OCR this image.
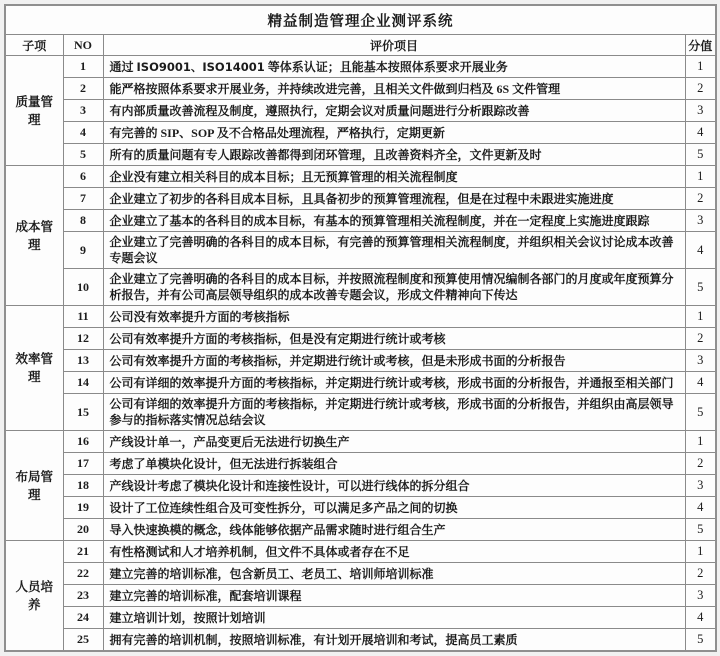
精益制造管理企业测评系统			
子项	NO	评价项目	分值
质量管理	1	通过 ISO9001、ISO14001 等体系认证；且能基本按照体系要求开展业务	1
	2	能严格按照体系要求开展业务，并持续改进完善，且相关文件做到归档及 6S 文件管理	2
	3	有内部质量改善流程及制度，遵照执行，定期会议对质量问题进行分析跟踪改善	3
	4	有完善的 SIP、SOP 及不合格品处理流程，严格执行，定期更新	4
	5	所有的质量问题有专人跟踪改善都得到闭环管理，且改善资料齐全，文件更新及时	5
成本管理	6	企业没有建立相关科目的成本目标；且无预算管理的相关流程制度	1
	7	企业建立了初步的各科目成本目标，且具备初步的预算管理流程，但是在过程中未跟进实施进度	2
	8	企业建立了基本的各科目的成本目标，有基本的预算管理相关流程制度，并在一定程度上实施进度跟踪	3
	9	企业建立了完善明确的各科目的成本目标，有完善的预算管理相关流程制度，并组织相关会议讨论成本改善专题会议	4
	10	企业建立了完善明确的各科目的成本目标，并按照流程制度和预算使用情况编制各部门的月度或年度预算分析报告，并有公司高层领导组织的成本改善专题会议，形成文件精神向下传达	5
效率管理	11	公司没有效率提升方面的考核指标	1
	12	公司有效率提升方面的考核指标，但是没有定期进行统计或考核	2
	13	公司有效率提升方面的考核指标，并定期进行统计或考核，但是未形成书面的分析报告	3
	14	公司有详细的效率提升方面的考核指标，并定期进行统计或考核，形成书面的分析报告，并通报至相关部门	4
	15	公司有详细的效率提升方面的考核指标，并定期进行统计或考核，形成书面的分析报告，并组织由高层领导参与的指标落实情况总结会议	5
布局管理	16	产线设计单一，产品变更后无法进行切换生产	1
	17	考虑了单模块化设计，但无法进行拆装组合	2
	18	产线设计考虑了模块化设计和连接性设计，可以进行线体的拆分组合	3
	19	设计了工位连续性组合及可变性拆分，可以满足多产品之间的切换	4
	20	导入快速换模的概念，线体能够依据产品需求随时进行组合生产	5
人员培养	21	有性格测试和人才培养机制，但文件不具体或者存在不足	1
	22	建立完善的培训标准，包含新员工、老员工、培训师培训标准	2
	23	建立完善的培训标准，配套培训课程	3
	24	建立培训计划，按照计划培训	4
	25	拥有完善的培训机制，按照培训标准，有计划开展培训和考试，提高员工素质	5
